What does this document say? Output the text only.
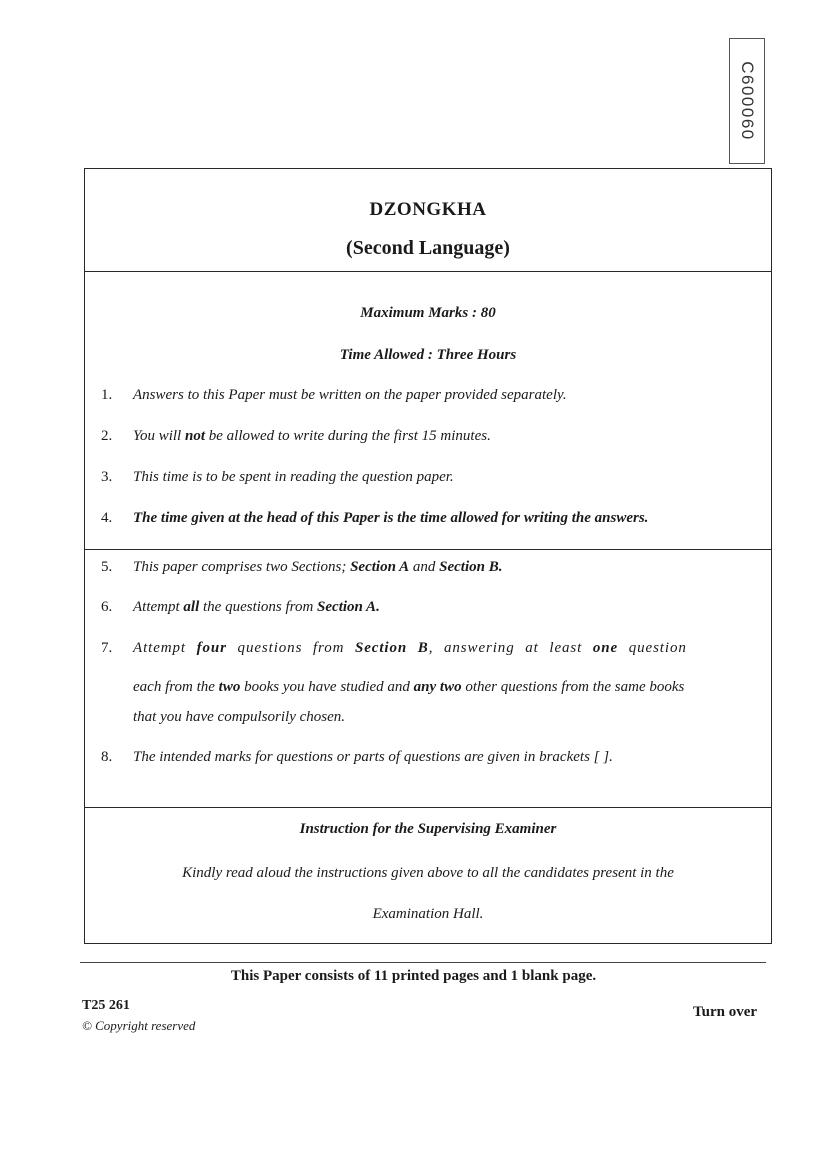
C600060
DZONGKHA
(Second Language)
Maximum Marks : 80
Time Allowed : Three Hours
1.	Answers to this Paper must be written on the paper provided separately.
2.	You will not be allowed to write during the first 15 minutes.
3.	This time is to be spent in reading the question paper.
4.	The time given at the head of this Paper is the time allowed for writing the answers.
5.	This paper comprises two Sections; Section A and Section B.
6.	Attempt all the questions from Section A.
7.	Attempt four questions from Section B, answering at least one question
each from the two books you have studied and any two other questions from the same books
that you have compulsorily chosen.
8.	The intended marks for questions or parts of questions are given in brackets [ ].
Instruction for the Supervising Examiner
Kindly read aloud the instructions given above to all the candidates present in the
Examination Hall.
This Paper consists of 11 printed pages and 1 blank page.
T25 261
© Copyright reserved
Turn over
